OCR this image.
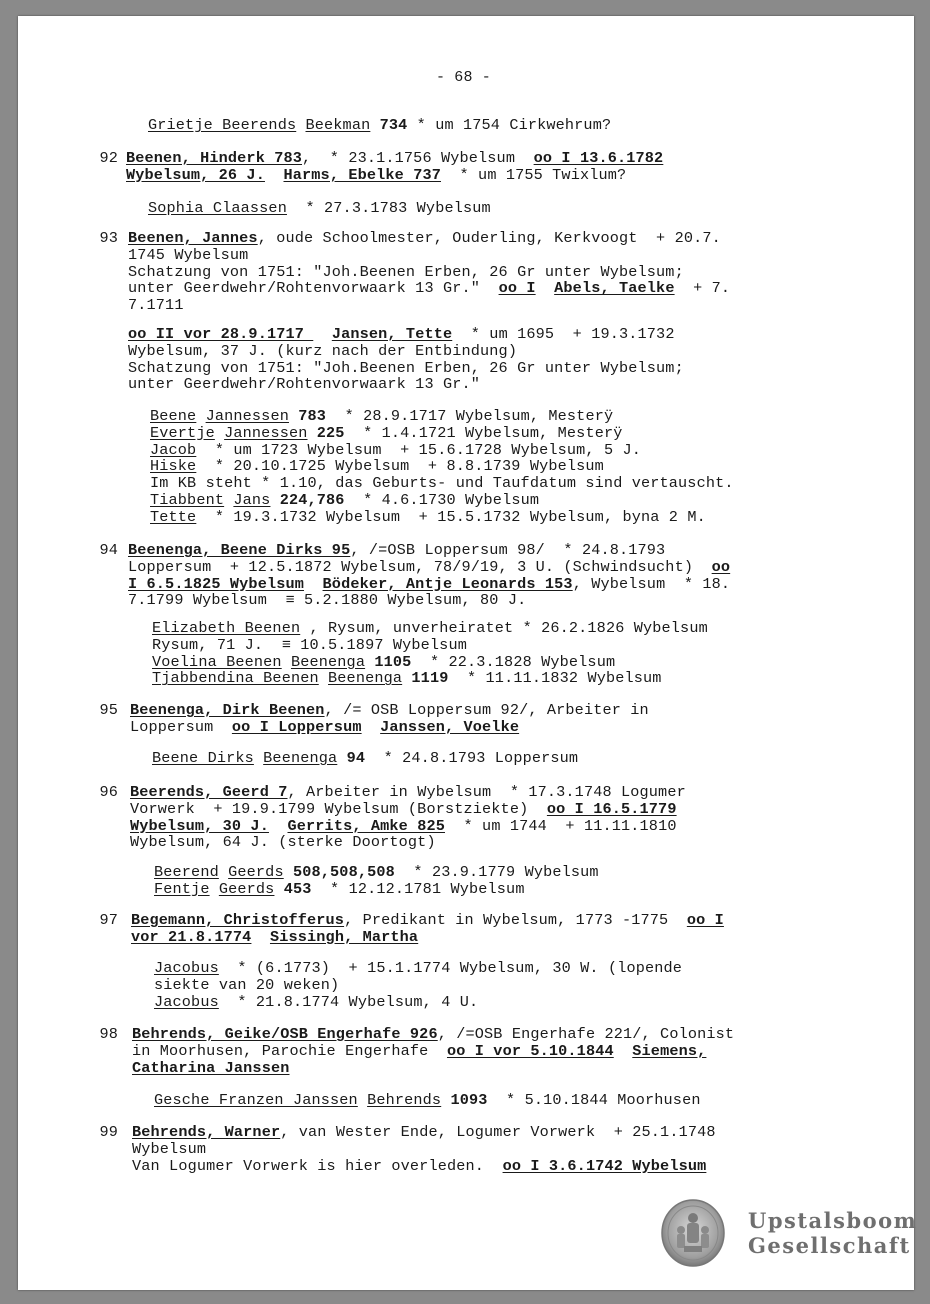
- 68 -
Grietje Beerends Beekman 734 * um 1754 Cirkwehrum?
92 Beenen, Hinderk 783,  * 23.1.1756 Wybelsum  oo I 13.6.1782
Wybelsum, 26 J. Harms, Ebelke 737  * um 1755 Twixlum?
Sophia Claassen  * 27.3.1783 Wybelsum
93 Beenen, Jannes, oude Schoolmester, Ouderling, Kerkvoogt  + 20.7.
1745 Wybelsum
Schatzung von 1751: "Joh.Beenen Erben, 26 Gr unter Wybelsum;
unter Geerdwehr/Rohtenvorwaark 13 Gr."  oo I Abels, Taelke  + 7.
7.1711
oo II vor 28.9.1717   Jansen, Tette  * um 1695  + 19.3.1732
Wybelsum, 37 J. (kurz nach der Entbindung)
Schatzung von 1751: "Joh.Beenen Erben, 26 Gr unter Wybelsum;
unter Geerdwehr/Rohtenvorwaark 13 Gr."
Beene Jannessen 783  * 28.9.1717 Wybelsum, Mesterÿ
Evertje Jannessen 225  * 1.4.1721 Wybelsum, Mesterÿ
Jacob  * um 1723 Wybelsum  + 15.6.1728 Wybelsum, 5 J.
Hiske  * 20.10.1725 Wybelsum  + 8.8.1739 Wybelsum
Im KB steht * 1.10, das Geburts- und Taufdatum sind vertauscht.
Tiabbent Jans 224,786  * 4.6.1730 Wybelsum
Tette  * 19.3.1732 Wybelsum  + 15.5.1732 Wybelsum, byna 2 M.
94 Beenenga, Beene Dirks 95, /=OSB Loppersum 98/  * 24.8.1793
Loppersum  + 12.5.1872 Wybelsum, 78/9/19, 3 U. (Schwindsucht)  oo
I 6.5.1825 Wybelsum Bödeker, Antje Leonards 153, Wybelsum  * 18.
7.1799 Wybelsum  ≡ 5.2.1880 Wybelsum, 80 J.
Elizabeth Beenen , Rysum, unverheiratet * 26.2.1826 Wybelsum
Rysum, 71 J.  ≡ 10.5.1897 Wybelsum
Voelina Beenen Beenenga 1105  * 22.3.1828 Wybelsum
Tjabbendina Beenen Beenenga 1119  * 11.11.1832 Wybelsum
95 Beenenga, Dirk Beenen, /= OSB Loppersum 92/, Arbeiter in
Loppersum  oo I Loppersum Janssen, Voelke
Beene Dirks Beenenga 94  * 24.8.1793 Loppersum
96 Beerends, Geerd 7, Arbeiter in Wybelsum  * 17.3.1748 Logumer
Vorwerk  + 19.9.1799 Wybelsum (Borstziekte)  oo I 16.5.1779
Wybelsum, 30 J. Gerrits, Amke 825  * um 1744  + 11.11.1810
Wybelsum, 64 J. (sterke Doortogt)
Beerend Geerds 508,508,508  * 23.9.1779 Wybelsum
Fentje Geerds 453  * 12.12.1781 Wybelsum
97 Begemann, Christofferus, Predikant in Wybelsum, 1773 -1775  oo I
vor 21.8.1774 Sissingh, Martha
Jacobus  * (6.1773)  + 15.1.1774 Wybelsum, 30 W. (lopende
siekte van 20 weken)
Jacobus  * 21.8.1774 Wybelsum, 4 U.
98 Behrends, Geike/OSB Engerhafe 926, /=OSB Engerhafe 221/, Colonist
in Moorhusen, Parochie Engerhafe  oo I vor 5.10.1844 Siemens,
Catharina Janssen
Gesche Franzen Janssen Behrends 1093  * 5.10.1844 Moorhusen
99 Behrends, Warner, van Wester Ende, Logumer Vorwerk  + 25.1.1748
Wybelsum
Van Logumer Vorwerk is hier overleden.  oo I 3.6.1742 Wybelsum
Upstalsboom
Gesellschaft
